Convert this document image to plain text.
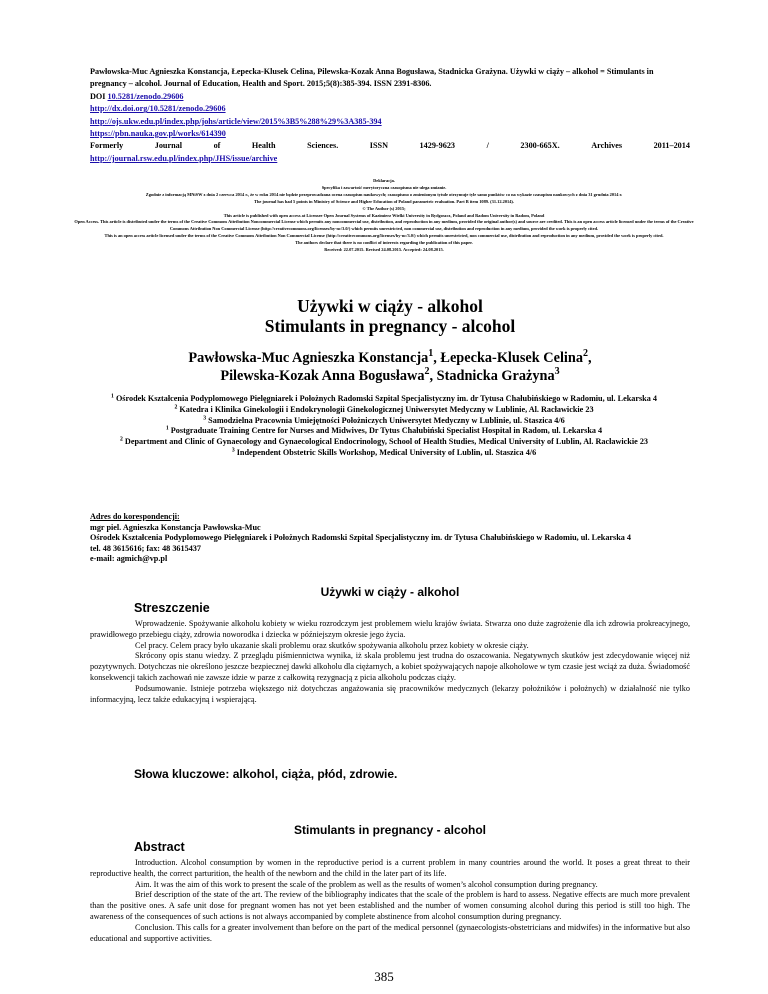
Pawłowska-Muc Agnieszka Konstancja, Łepecka-Klusek Celina, Pilewska-Kozak Anna Bogusława, Stadnicka Grażyna. Używki w ciąży – alkohol = Stimulants in pregnancy – alcohol. Journal of Education, Health and Sport. 2015;5(8):385-394. ISSN 2391-8306.
DOI 10.5281/zenodo.29606
http://dx.doi.org/10.5281/zenodo.29606
http://ojs.ukw.edu.pl/index.php/johs/article/view/2015%3B5%288%29%3A385-394
https://pbn.nauka.gov.pl/works/614390
Formerly	Journal	of	Health	Sciences.	ISSN	1429-9623	/	2300-665X.	Archives	2011–2014
http://journal.rsw.edu.pl/index.php/JHS/issue/archive
Deklaracja.
Specyfika i zawartość merytoryczna czasopisma nie ulega zmianie.
Zgodnie z informacją MNiSW z dnia 2 czerwca 2014 r., że w roku 2014 nie będzie przeprowadzana ocena czasopism naukowych; czasopismo o zmienionym tytule otrzymuje tyle samo punktów co na wykazie czasopism naukowych z dnia 31 grudnia 2014 r.
The journal has had 5 points in Ministry of Science and Higher Education of Poland parametric evaluation. Part B item 1089. (31.12.2014).
© The Author (s) 2015;
This article is published with open access at Licensee Open Journal Systems of Kazimierz Wielki University in Bydgoszcz, Poland and Radom University in Radom, Poland
Open Access. This article is distributed under the terms of the Creative Commons Attribution Noncommercial License which permits any noncommercial use, distribution, and reproduction in any medium, provided the original author(s) and source are credited. This is an open access article licensed under the terms of the Creative Commons Attribution Non Commercial License (http://creativecommons.org/licenses/by-nc/3.0/) which permits unrestricted, non commercial use, distribution and reproduction in any medium, provided the work is properly cited.
This is an open access article licensed under the terms of the Creative Commons Attribution Non Commercial License (http://creativecommons.org/licenses/by-nc/3.0/) which permits unrestricted, non commercial use, distribution and reproduction in any medium, provided the work is properly cited.
The authors declare that there is no conflict of interests regarding the publication of this paper.
Received: 22.07.2015. Revised 24.08.2015. Accepted: 24.08.2015.
Używki w ciąży - alkohol
Stimulants in pregnancy - alcohol
Pawłowska-Muc Agnieszka Konstancja$^1$, Łepecka-Klusek Celina$^2$,
Pilewska-Kozak Anna Bogusława$^2$, Stadnicka Grażyna$^3$
$^1$ Ośrodek Kształcenia Podyplomowego Pielęgniarek i Położnych Radomski Szpital Specjalistyczny im. dr Tytusa Chałubińskiego w Radomiu, ul. Lekarska 4
$^2$ Katedra i Klinika Ginekologii i Endokrynologii Ginekologicznej Uniwersytet Medyczny w Lublinie, Al. Racławickie 23
$^3$ Samodzielna Pracownia Umiejętności Położniczych Uniwersytet Medyczny w Lublinie, ul. Staszica 4/6
$^1$ Postgraduate Training Centre for Nurses and Midwives, Dr Tytus Chałubiński Specialist Hospital in Radom, ul. Lekarska 4
$^2$ Department and Clinic of Gynaecology and Gynaecological Endocrinology, School of Health Studies, Medical University of Lublin, Al. Racławickie 23
$^3$ Independent Obstetric Skills Workshop, Medical University of Lublin, ul. Staszica 4/6
Adres do korespondencji:
mgr piel. Agnieszka Konstancja Pawłowska-Muc
Ośrodek Kształcenia Podyplomowego Pielęgniarek i Położnych Radomski Szpital Specjalistyczny im. dr Tytusa Chałubińskiego w Radomiu, ul. Lekarska 4
tel. 48 3615616; fax: 48 3615437
e-mail: agmich@vp.pl
Używki w ciąży - alkohol
Streszczenie

Wprowadzenie. Spożywanie alkoholu kobiety w wieku rozrodczym jest problemem wielu krajów świata. Stwarza ono duże zagrożenie dla ich zdrowia prokreacyjnego, prawidłowego przebiegu ciąży, zdrowia noworodka i dziecka w późniejszym okresie jego życia.

Cel pracy. Celem pracy było ukazanie skali problemu oraz skutków spożywania alkoholu przez kobiety w okresie ciąży.

Skrócony opis stanu wiedzy. Z przeglądu piśmiennictwa wynika, iż skala problemu jest trudna do oszacowania. Negatywnych skutków jest zdecydowanie więcej niż pozytywnych. Dotychczas nie określono jeszcze bezpiecznej dawki alkoholu dla ciężarnych, a kobiet spożywających napoje alkoholowe w tym czasie jest wciąż za duża. Świadomość konsekwencji takich zachowań nie zawsze idzie w parze z całkowitą rezygnacją z picia alkoholu podczas ciąży.

Podsumowanie. Istnieje potrzeba większego niż dotychczas angażowania się pracowników medycznych (lekarzy położników i położnych) w działalność nie tylko informacyjną, lecz także edukacyjną i wspierającą.

Słowa kluczowe: alkohol, ciąża, płód, zdrowie.
Stimulants in pregnancy - alcohol
Abstract

Introduction. Alcohol consumption by women in the reproductive period is a current problem in many countries around the world. It poses a great threat to their reproductive health, the correct parturition, the health of the newborn and the child in the later part of its life.

Aim. It was the aim of this work to present the scale of the problem as well as the results of women’s alcohol consumption during pregnancy.

Brief description of the state of the art. The review of the bibliography indicates that the scale of the problem is hard to assess. Negative effects are much more prevalent than the positive ones. A safe unit dose for pregnant women has not yet been established and the number of women consuming alcohol during this period is still too high. The awareness of the consequences of such actions is not always accompanied by complete abstinence from alcohol consumption during pregnancy.

Conclusion. This calls for a greater involvement than before on the part of the medical personnel (gynaecologists-obstetricians and midwifes) in the informative but also educational and supportive activities.

385
